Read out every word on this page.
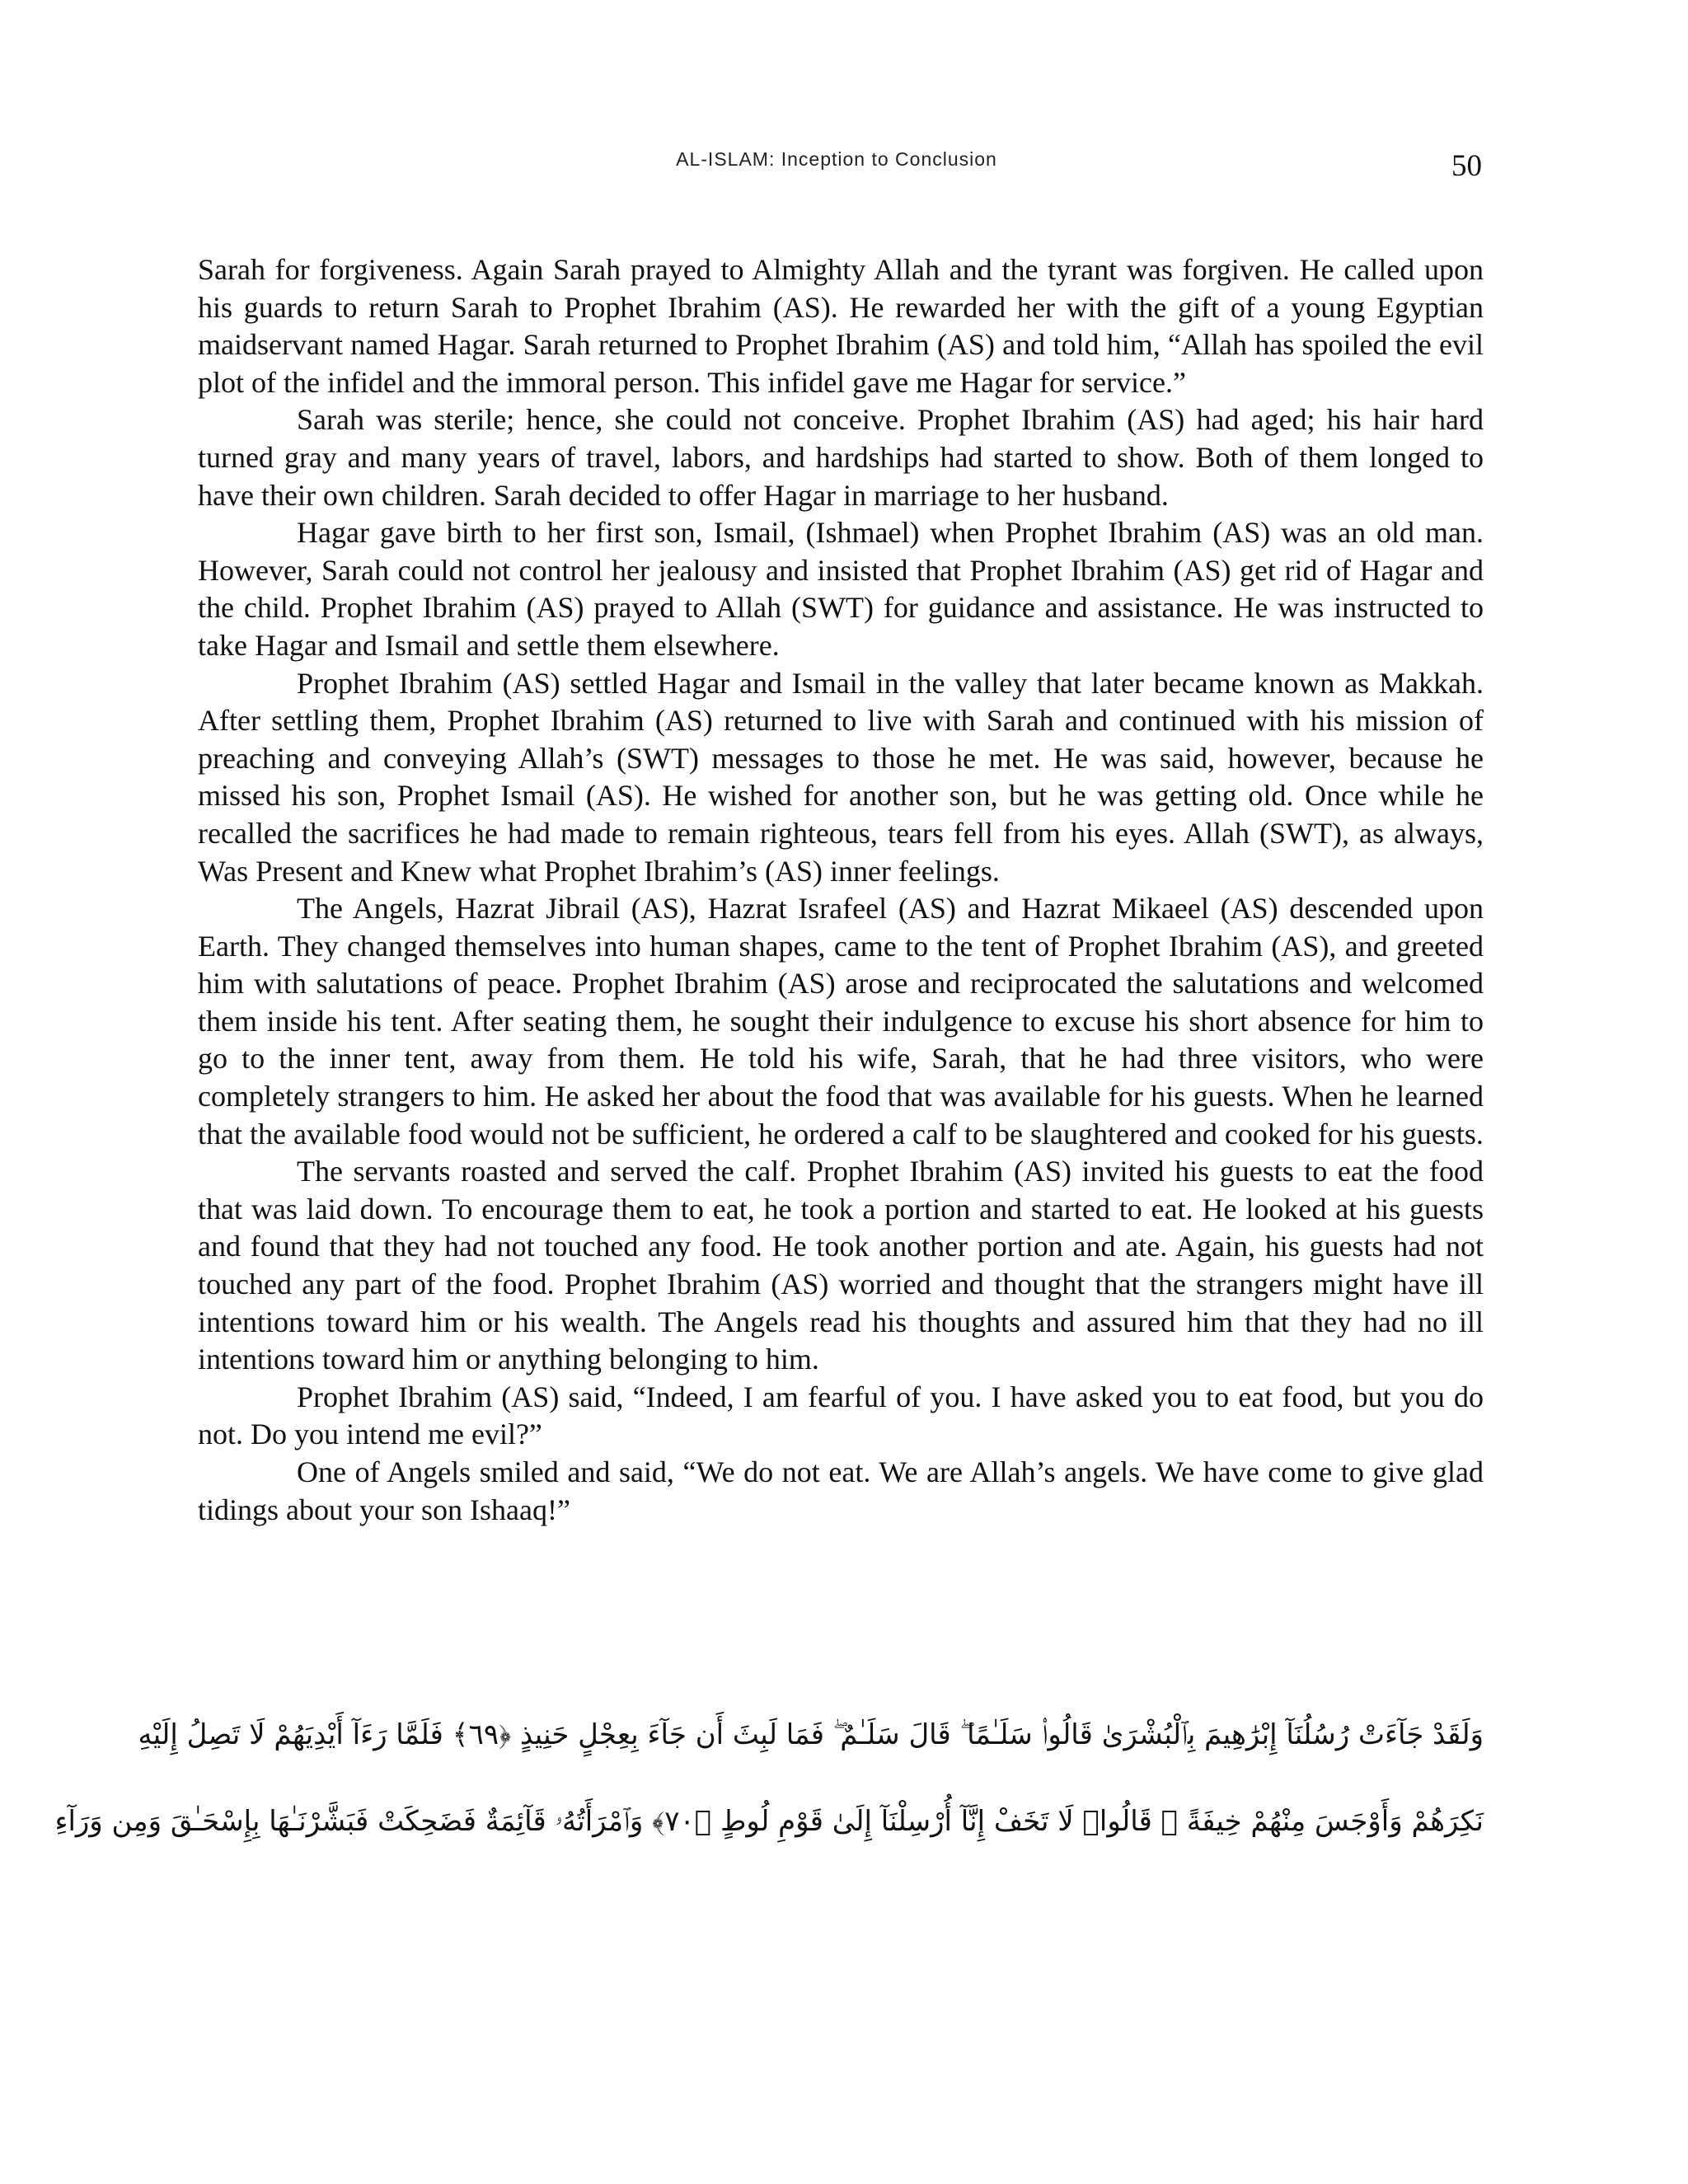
AL-ISLAM: Inception to Conclusion	50

Sarah for forgiveness. Again Sarah prayed to Almighty Allah and the tyrant was forgiven. He called upon his guards to return Sarah to Prophet Ibrahim (AS). He rewarded her with the gift of a young Egyptian maidservant named Hagar. Sarah returned to Prophet Ibrahim (AS) and told him, “Allah has spoiled the evil plot of the infidel and the immoral person. This infidel gave me Hagar for service.”

Sarah was sterile; hence, she could not conceive. Prophet Ibrahim (AS) had aged; his hair hard turned gray and many years of travel, labors, and hardships had started to show. Both of them longed to have their own children. Sarah decided to offer Hagar in marriage to her husband.

Hagar gave birth to her first son, Ismail, (Ishmael) when Prophet Ibrahim (AS) was an old man. However, Sarah could not control her jealousy and insisted that Prophet Ibrahim (AS) get rid of Hagar and the child. Prophet Ibrahim (AS) prayed to Allah (SWT) for guidance and assistance. He was instructed to take Hagar and Ismail and settle them elsewhere.

Prophet Ibrahim (AS) settled Hagar and Ismail in the valley that later became known as Makkah. After settling them, Prophet Ibrahim (AS) returned to live with Sarah and continued with his mission of preaching and conveying Allah’s (SWT) messages to those he met. He was said, however, because he missed his son, Prophet Ismail (AS). He wished for another son, but he was getting old. Once while he recalled the sacrifices he had made to remain righteous, tears fell from his eyes. Allah (SWT), as always, Was Present and Knew what Prophet Ibrahim’s (AS) inner feelings.

The Angels, Hazrat Jibrail (AS), Hazrat Israfeel (AS) and Hazrat Mikaeel (AS) descended upon Earth. They changed themselves into human shapes, came to the tent of Prophet Ibrahim (AS), and greeted him with salutations of peace. Prophet Ibrahim (AS) arose and reciprocated the salutations and welcomed them inside his tent. After seating them, he sought their indulgence to excuse his short absence for him to go to the inner tent, away from them. He told his wife, Sarah, that he had three visitors, who were completely strangers to him. He asked her about the food that was available for his guests. When he learned that the available food would not be sufficient, he ordered a calf to be slaughtered and cooked for his guests.

The servants roasted and served the calf. Prophet Ibrahim (AS) invited his guests to eat the food that was laid down. To encourage them to eat, he took a portion and started to eat. He looked at his guests and found that they had not touched any food. He took another portion and ate. Again, his guests had not touched any part of the food. Prophet Ibrahim (AS) worried and thought that the strangers might have ill intentions toward him or his wealth. The Angels read his thoughts and assured him that they had no ill intentions toward him or anything belonging to him.

Prophet Ibrahim (AS) said, “Indeed, I am fearful of you. I have asked you to eat food, but you do not. Do you intend me evil?”

One of Angels smiled and said, “We do not eat. We are Allah’s angels. We have come to give glad tidings about your son Ishaaq!”

وَلَقَدْ جَآءَتْ رُسُلُنَآ إِبْرَٰهِيمَ بِٱلْبُشْرَىٰ قَالُوا۟ سَلَـٰمًا ۖ قَالَ سَلَـٰمٌ ۖ فَمَا لَبِثَ أَن جَآءَ بِعِجْلٍ حَنِيذٍ ﴿٦٩﴾ فَلَمَّا رَءَآ أَيْدِيَهُمْ لَا تَصِلُ إِلَيْهِ
نَكِرَهُمْ وَأَوْجَسَ مِنْهُمْ خِيفَةً ۚ قَالُوا۟ لَا تَخَفْ إِنَّآ أُرْسِلْنَآ إِلَىٰ قَوْمِ لُوطٍ ﴿٧٠﴾ وَٱمْرَأَتُهُۥ قَآئِمَةٌ فَضَحِكَتْ فَبَشَّرْنَـٰهَا بِإِسْحَـٰقَ وَمِن وَرَآءِ
